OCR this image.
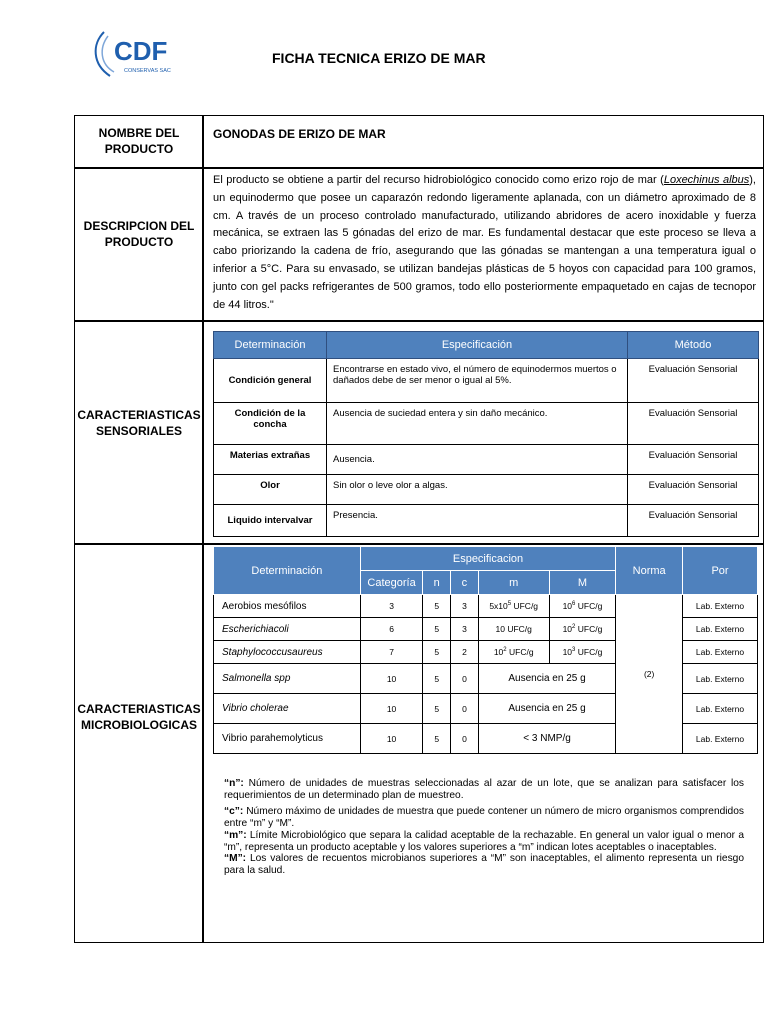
CDF
CONSERVAS SAC
FICHA TECNICA ERIZO DE MAR
NOMBRE DEL PRODUCTO
GONODAS DE ERIZO DE MAR
DESCRIPCION DEL PRODUCTO
El producto se obtiene a partir del recurso hidrobiológico conocido como erizo rojo de mar (Loxechinus albus), un equinodermo que posee un caparazón redondo ligeramente aplanada, con un diámetro aproximado de 8 cm. A través de un proceso controlado manufacturado, utilizando abridores de acero inoxidable y fuerza mecánica, se extraen las 5 gónadas del erizo de mar. Es fundamental destacar que este proceso se lleva a cabo priorizando la cadena de frío, asegurando que las gónadas se mantengan a una temperatura igual o inferior a 5°C. Para su envasado, se utilizan bandejas plásticas de 5 hoyos con capacidad para 100 gramos, junto con gel packs refrigerantes de 500 gramos, todo ello posteriormente empaquetado en cajas de tecnopor de 44 litros."
CARACTERIASTICAS SENSORIALES
Determinación	Especificación	Método
Condición general	Encontrarse en estado vivo, el número de equinodermos muertos o dañados debe de ser menor o igual al 5%.	Evaluación Sensorial
Condición de la concha	Ausencia de suciedad entera y sin daño mecánico.	Evaluación Sensorial
Materias extrañas	Ausencia.	Evaluación Sensorial
Olor	Sin olor o leve olor a algas.	Evaluación Sensorial
Liquido intervalvar	Presencia.	Evaluación Sensorial
CARACTERIASTICAS MICROBIOLOGICAS
Determinación	Especificacion					Norma	Por
	Categoría	n	c	m	M		
Aerobios mesófilos	3	5	3	$5x10^5$ UFC/g	$10^6$ UFC/g	(2)	Lab. Externo
Escherichiacoli	6	5	3	10 UFC/g	$10^2$ UFC/g		Lab. Externo
Staphylococcusaureus	7	5	2	$10^2$ UFC/g	$10^3$ UFC/g		Lab. Externo
Salmonella spp	10	5	0	Ausencia en 25 g			Lab. Externo
Vibrio cholerae	10	5	0	Ausencia en 25 g			Lab. Externo
Vibrio parahemolyticus	10	5	0	< 3 NMP/g			Lab. Externo

“n”: Número de unidades de muestras seleccionadas al azar de un lote, que se analizan para satisfacer los requerimientos de un determinado plan de muestreo.

“c”: Número máximo de unidades de muestra que puede contener un número de micro organismos comprendidos entre “m” y “M”.

“m”: Límite Microbiológico que separa la calidad aceptable de la rechazable. En general un valor igual o menor a “m”, representa un producto aceptable y los valores superiores a “m” indican lotes aceptables o inaceptables.

“M”: Los valores de recuentos microbianos superiores a “M” son inaceptables, el alimento representa un riesgo para la salud.
